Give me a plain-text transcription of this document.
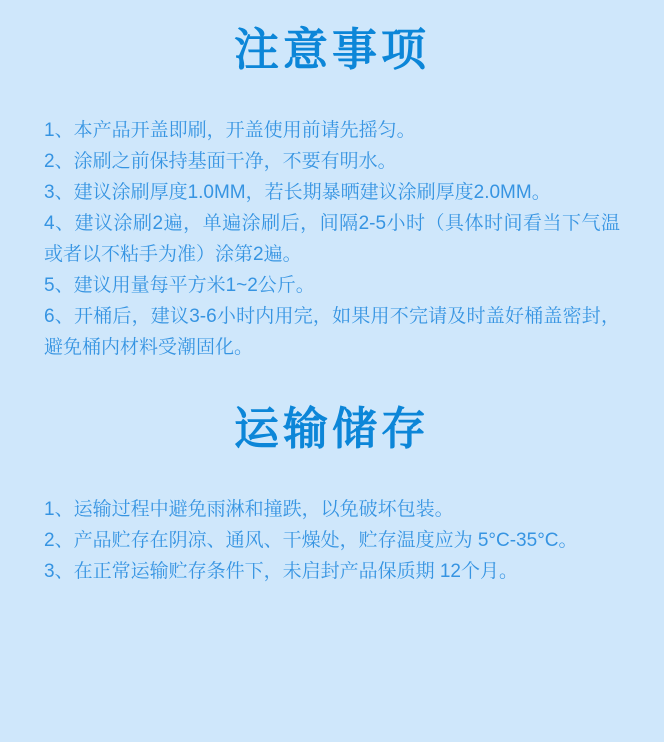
注意事项

1、本产品开盖即刷，开盖使用前请先摇匀。

2、涂刷之前保持基面干净，不要有明水。

3、建议涂刷厚度1.0MM，若长期暴晒建议涂刷厚度2.0MM。

4、建议涂刷2遍，单遍涂刷后，间隔2-5小时（具体时间看当下气温或者以不粘手为准）涂第2遍。

5、建议用量每平方米1~2公斤。

6、开桶后，建议3-6小时内用完，如果用不完请及时盖好桶盖密封，避免桶内材料受潮固化。

运输储存

1、运输过程中避免雨淋和撞跌，以免破坏包装。

2、产品贮存在阴凉、通风、干燥处，贮存温度应为 5°C-35°C。

3、在正常运输贮存条件下，未启封产品保质期 12个月。
